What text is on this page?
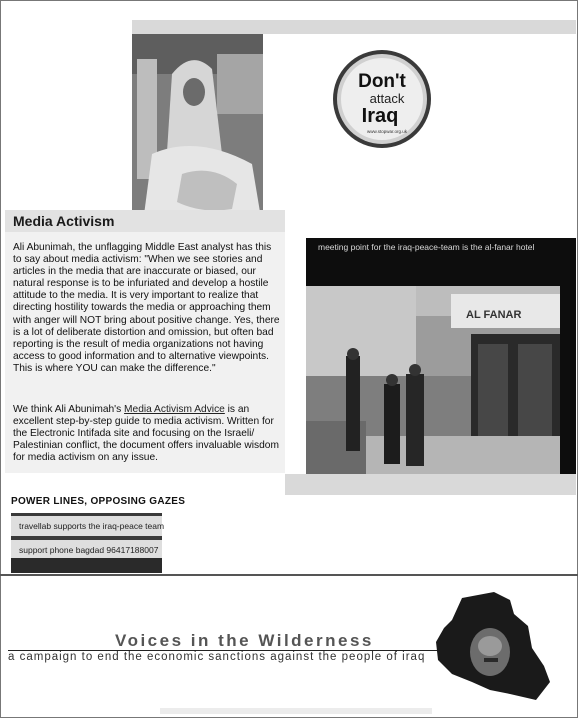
Don't
attack
Iraq
www.stopwar.org.uk
Media Activism

Ali Abunimah, the unflagging Middle East analyst has this to say about media activism: "When we see stories and articles in the media that are inaccurate or biased, our natural response is to be infuriated and develop a hostile attitude to the media. It is very important to realize that directing hostility towards the media or approaching them with anger will NOT bring about positive change. Yes, there is a lot of deliberate distortion and omission, but often bad reporting is the result of media organizations not having access to good information and to alternative viewpoints. This is where YOU can make the difference."

We think Ali Abunimah's Media Activism Advice is an excellent step-by-step guide to media activism. Written for the Electronic Intifada site and focusing on the Israeli/ Palestinian conflict, the document offers invaluable wisdom for media activism on any issue.

meeting point for the iraq-peace-team is the al-fanar hotel
AL FANAR
POWER LINES, OPPOSING GAZES
travellab supports the iraq-peace team
support phone bagdad 96417188007
Voices in the Wilderness
a campaign to end the economic sanctions against the people of iraq
